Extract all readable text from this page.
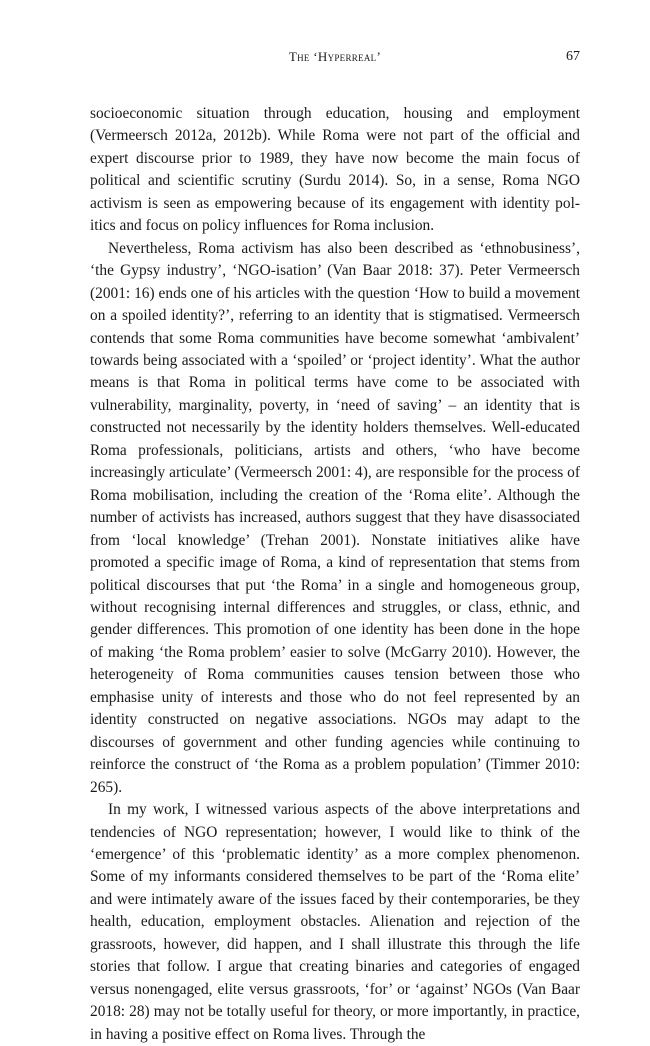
The ‘Hyperreal’	67

socioeconomic situation through education, housing and employment (Vermeersch 2012a, 2012b). While Roma were not part of the official and expert discourse prior to 1989, they have now become the main focus of political and scientific scrutiny (Surdu 2014). So, in a sense, Roma NGO activism is seen as empowering because of its engagement with identity politics and focus on policy influences for Roma inclusion.

Nevertheless, Roma activism has also been described as ‘ethnobusiness’, ‘the Gypsy industry’, ‘NGO-isation’ (Van Baar 2018: 37). Peter Vermeersch (2001: 16) ends one of his articles with the question ‘How to build a movement on a spoiled identity?’, referring to an identity that is stigmatised. Vermeersch contends that some Roma communities have become somewhat ‘ambivalent’ towards being associated with a ‘spoiled’ or ‘project identity’. What the author means is that Roma in political terms have come to be associated with vulnerability, marginality, poverty, in ‘need of saving’ – an identity that is constructed not necessarily by the identity holders themselves. Well-educated Roma professionals, politicians, artists and others, ‘who have become increasingly articulate’ (Vermeersch 2001: 4), are responsible for the process of Roma mobilisation, including the creation of the ‘Roma elite’. Although the number of activists has increased, authors suggest that they have disassociated from ‘local knowledge’ (Trehan 2001). Nonstate initiatives alike have promoted a specific image of Roma, a kind of representation that stems from political discourses that put ‘the Roma’ in a single and homogeneous group, without recognising internal differences and struggles, or class, ethnic, and gender differences. This promotion of one identity has been done in the hope of making ‘the Roma problem’ easier to solve (McGarry 2010). However, the heterogeneity of Roma communities causes tension between those who emphasise unity of interests and those who do not feel represented by an identity constructed on negative associations. NGOs may adapt to the discourses of government and other funding agencies while continuing to reinforce the construct of ‘the Roma as a problem population’ (Timmer 2010: 265).

In my work, I witnessed various aspects of the above interpretations and tendencies of NGO representation; however, I would like to think of the ‘emergence’ of this ‘problematic identity’ as a more complex phenomenon. Some of my informants considered themselves to be part of the ‘Roma elite’ and were intimately aware of the issues faced by their contemporaries, be they health, education, employment obstacles. Alienation and rejection of the grassroots, however, did happen, and I shall illustrate this through the life stories that follow. I argue that creating binaries and categories of engaged versus nonengaged, elite versus grassroots, ‘for’ or ‘against’ NGOs (Van Baar 2018: 28) may not be totally useful for theory, or more importantly, in practice, in having a positive effect on Roma lives. Through the
